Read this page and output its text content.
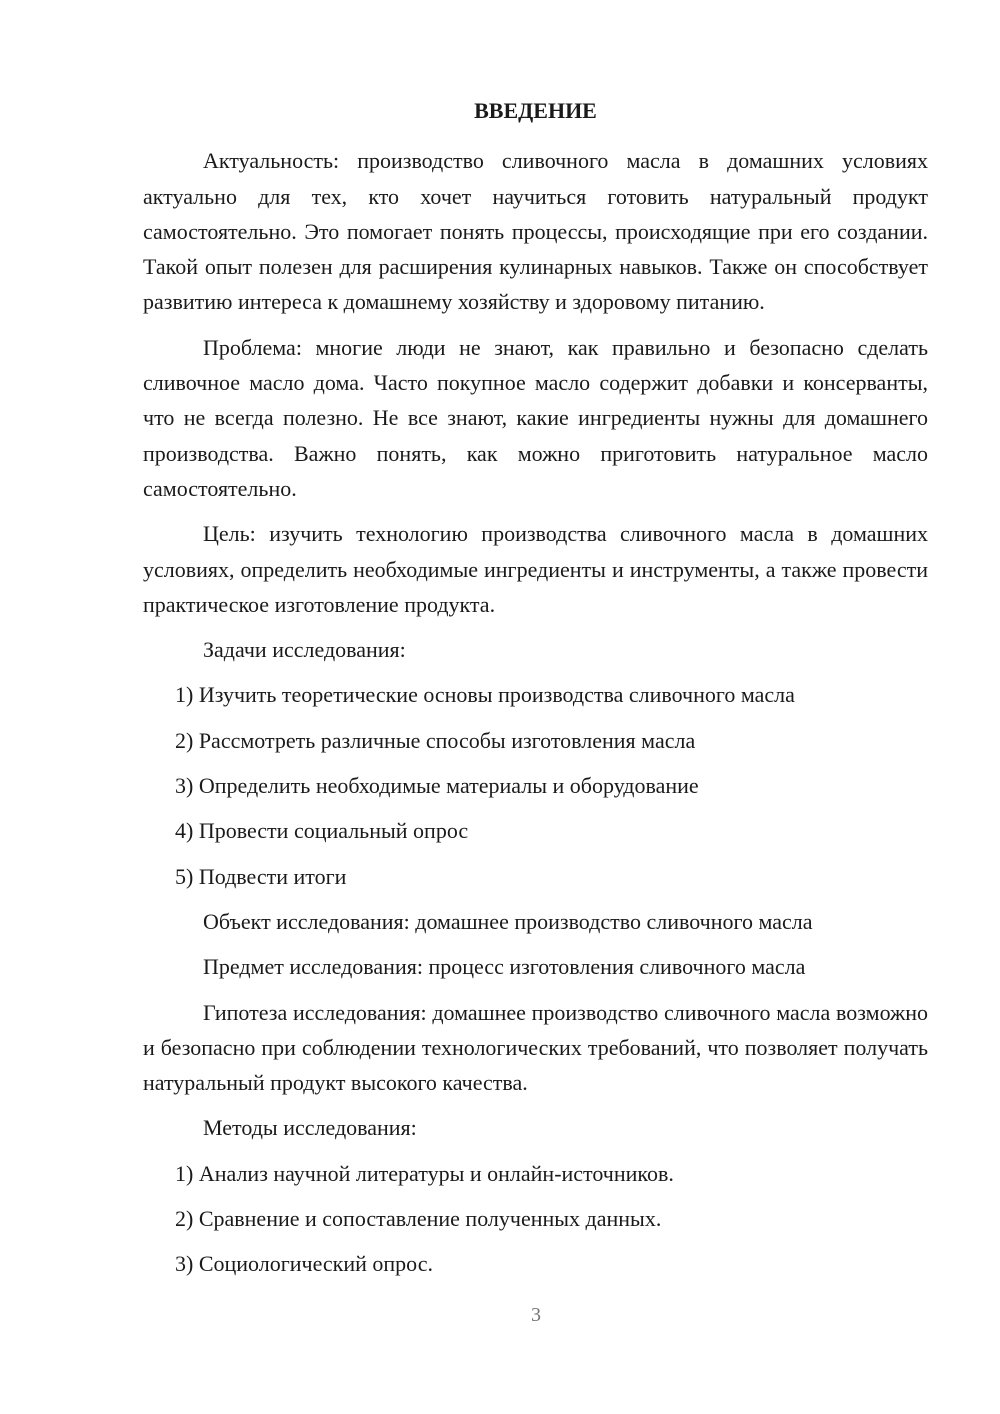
ВВЕДЕНИЕ

Актуальность: производство сливочного масла в домашних условиях актуально для тех, кто хочет научиться готовить натуральный продукт самостоятельно. Это помогает понять процессы, происходящие при его создании. Такой опыт полезен для расширения кулинарных навыков. Также он способствует развитию интереса к домашнему хозяйству и здоровому питанию.

Проблема: многие люди не знают, как правильно и безопасно сделать сливочное масло дома. Часто покупное масло содержит добавки и консерванты, что не всегда полезно. Не все знают, какие ингредиенты нужны для домашнего производства. Важно понять, как можно приготовить натуральное масло самостоятельно.

Цель: изучить технологию производства сливочного масла в домашних условиях, определить необходимые ингредиенты и инструменты, а также провести практическое изготовление продукта.

Задачи исследования:

1) Изучить теоретические основы производства сливочного масла

2) Рассмотреть различные способы изготовления масла

3) Определить необходимые материалы и оборудование

4) Провести социальный опрос

5) Подвести итоги

Объект исследования: домашнее производство сливочного масла

Предмет исследования: процесс изготовления сливочного масла

Гипотеза исследования: домашнее производство сливочного масла возможно и безопасно при соблюдении технологических требований, что позволяет получать натуральный продукт высокого качества.

Методы исследования:

1) Анализ научной литературы и онлайн-источников.

2) Сравнение и сопоставление полученных данных.

3) Социологический опрос.

3
